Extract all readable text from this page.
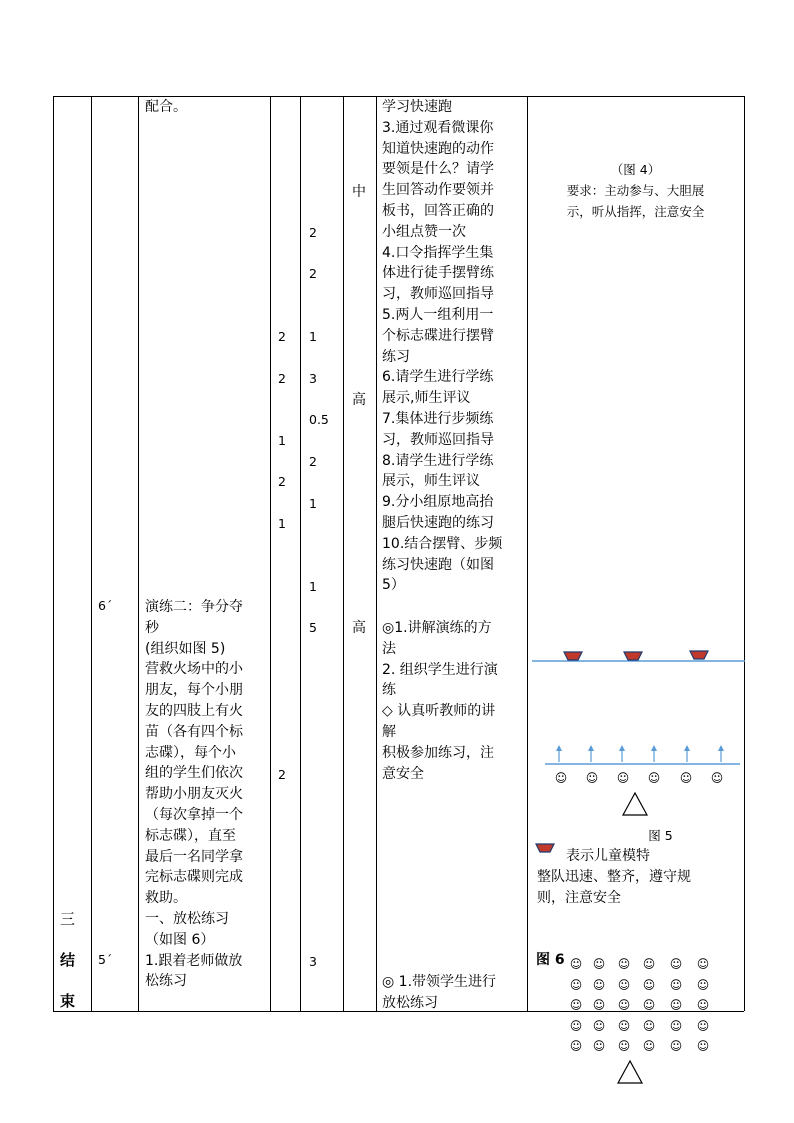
三
结
束
6´
5´
配合。
演练二：争分夺
秒
(组织如图 5)
营救火场中的小
朋友，每个小朋
友的四肢上有火
苗（各有四个标
志碟），每个小
组的学生们依次
帮助小朋友灭火
（每次拿掉一个
标志碟），直至
最后一名同学拿
完标志碟则完成
救助。
一、放松练习
（如图 6）
1.跟着老师做放
松练习
2
2
1
2
1
2
2
2
1
3
0.5
2
1
1
5
3
中
高
高
学习快速跑
3.通过观看微课你
知道快速跑的动作
要领是什么？请学
生回答动作要领并
板书，回答正确的
小组点赞一次
4.口令指挥学生集
体进行徒手摆臂练
习，教师巡回指导
5.两人一组利用一
个标志碟进行摆臂
练习
6.请学生进行学练
展示,师生评议
7.集体进行步频练
习，教师巡回指导
8.请学生进行学练
展示，师生评议
9.分小组原地高抬
腿后快速跑的练习
10.结合摆臂、步频
练习快速跑（如图
5）
◎1.讲解演练的方
法
2. 组织学生进行演
练
◇ 认真听教师的讲
解
积极参加练习，注
意安全
◎ 1.带领学生进行
放松练习
（图 4）
要求：主动参与、大胆展
示，听从指挥，注意安全
图 5
表示儿童模特
整队迅速、整齐，遵守规
则，注意安全
图 6
☺ ☺ ☺ ☺ ☺ ☺
☺ ☺ ☺ ☺ ☺ ☺
☺ ☺ ☺ ☺ ☺ ☺
☺ ☺ ☺ ☺ ☺ ☺
☺ ☺ ☺ ☺ ☺ ☺
☺ ☺ ☺ ☺ ☺ ☺
